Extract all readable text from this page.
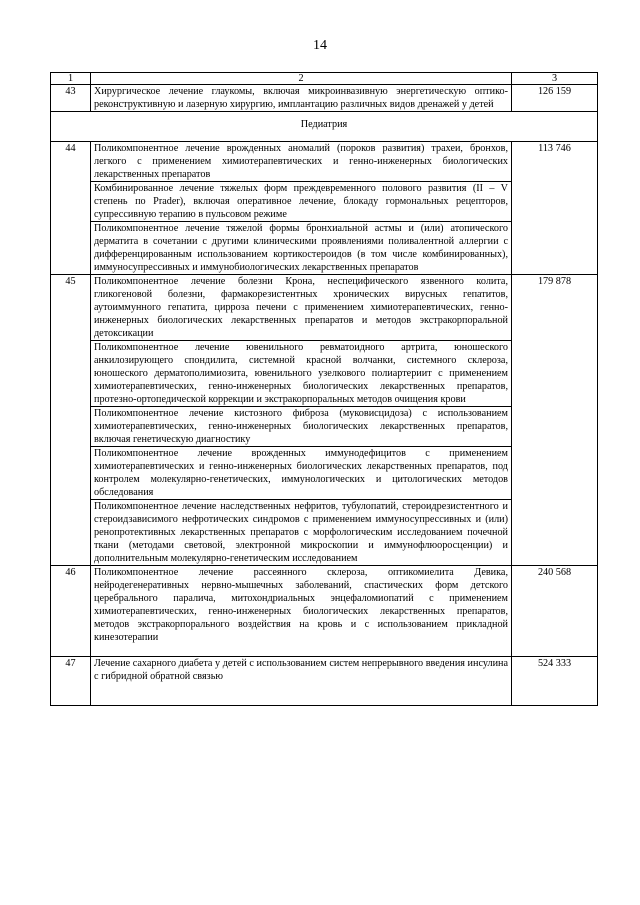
14
1	2	3
43	Хирургическое лечение глаукомы, включая микроинвазивную энергетическую оптико-реконструктивную и лазерную хирургию, имплантацию различных видов дренажей у детей	126 159
Педиатрия		
44	Поликомпонентное лечение врожденных аномалий (пороков развития) трахеи, бронхов, легкого с применением химиотерапевтических и генно-инженерных биологических лекарственных препаратов	113 746
	Комбинированное лечение тяжелых форм преждевременного полового развития (II – V степень по Prader), включая оперативное лечение, блокаду гормональных рецепторов, супрессивную терапию в пульсовом режиме	
	Поликомпонентное лечение тяжелой формы бронхиальной астмы и (или) атопического дерматита в сочетании с другими клиническими проявлениями поливалентной аллергии с дифференцированным использованием кортикостероидов (в том числе комбинированных), иммуносупрессивных и иммунобиологических лекарственных препаратов	
45	Поликомпонентное лечение болезни Крона, неспецифического язвенного колита, гликогеновой болезни, фармакорезистентных хронических вирусных гепатитов, аутоиммунного гепатита, цирроза печени с применением химиотерапевтических, генно-инженерных биологических лекарственных препаратов и методов экстракорпоральной детоксикации	179 878
	Поликомпонентное лечение ювенильного ревматоидного артрита, юношеского анкилозирующего спондилита, системной красной волчанки, системного склероза, юношеского дерматополимиозита, ювенильного узелкового полиартериит с применением химиотерапевтических, генно-инженерных биологических лекарственных препаратов, протезно-ортопедической коррекции и экстракорпоральных методов очищения крови	
	Поликомпонентное лечение кистозного фиброза (муковисцидоза) с использованием химиотерапевтических, генно-инженерных биологических лекарственных препаратов, включая генетическую диагностику	
	Поликомпонентное лечение врожденных иммунодефицитов с применением химиотерапевтических и генно-инженерных биологических лекарственных препаратов, под контролем молекулярно-генетических, иммунологических и цитологических методов обследования	
	Поликомпонентное лечение наследственных нефритов, тубулопатий, стероидрезистентного и стероидзависимого нефротических синдромов с применением иммуносупрессивных и (или) ренопротективных лекарственных препаратов с морфологическим исследованием почечной ткани (методами световой, электронной микроскопии и иммунофлюоросценции) и дополнительным молекулярно-генетическим исследованием	
46	Поликомпонентное лечение рассеянного склероза, оптикомиелита Девика, нейродегенеративных нервно-мышечных заболеваний, спастических форм детского церебрального паралича, митохондриальных энцефаломиопатий с применением химиотерапевтических, генно-инженерных биологических лекарственных препаратов, методов экстракорпорального воздействия на кровь и с использованием прикладной кинезотерапии	240 568
47	Лечение сахарного диабета у детей с использованием систем непрерывного введения инсулина с гибридной обратной связью	524 333
